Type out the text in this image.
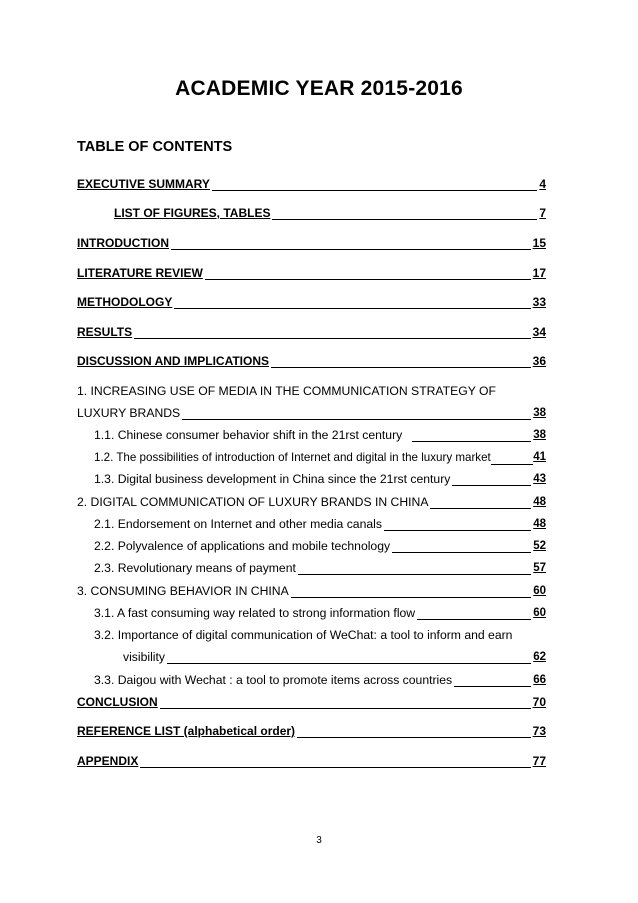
ACADEMIC YEAR 2015-2016
TABLE OF CONTENTS
EXECUTIVE SUMMARY	4
LIST OF FIGURES, TABLES	7
INTRODUCTION	15
LITERATURE REVIEW	17
METHODOLOGY	33
RESULTS	34
DISCUSSION AND IMPLICATIONS	36
1. INCREASING USE OF MEDIA IN THE COMMUNICATION STRATEGY OF
LUXURY BRANDS	38
1.1. Chinese consumer behavior shift in the 21rst century	38
1.2. The possibilities of introduction of Internet and digital in the luxury market	41
1.3. Digital business development in China since the 21rst century	43
2. DIGITAL COMMUNICATION OF LUXURY BRANDS IN CHINA	48
2.1. Endorsement on Internet and other media canals	48
2.2. Polyvalence of applications and mobile technology	52
2.3. Revolutionary means of payment	57
3. CONSUMING BEHAVIOR IN CHINA	60
3.1. A fast consuming way related to strong information flow	60
3.2. Importance of digital communication of WeChat: a tool to inform and earn
visibility	62
3.3. Daigou with Wechat : a tool to promote items across countries	66
CONCLUSION	70
REFERENCE LIST (alphabetical order)	73
APPENDIX	77
3
